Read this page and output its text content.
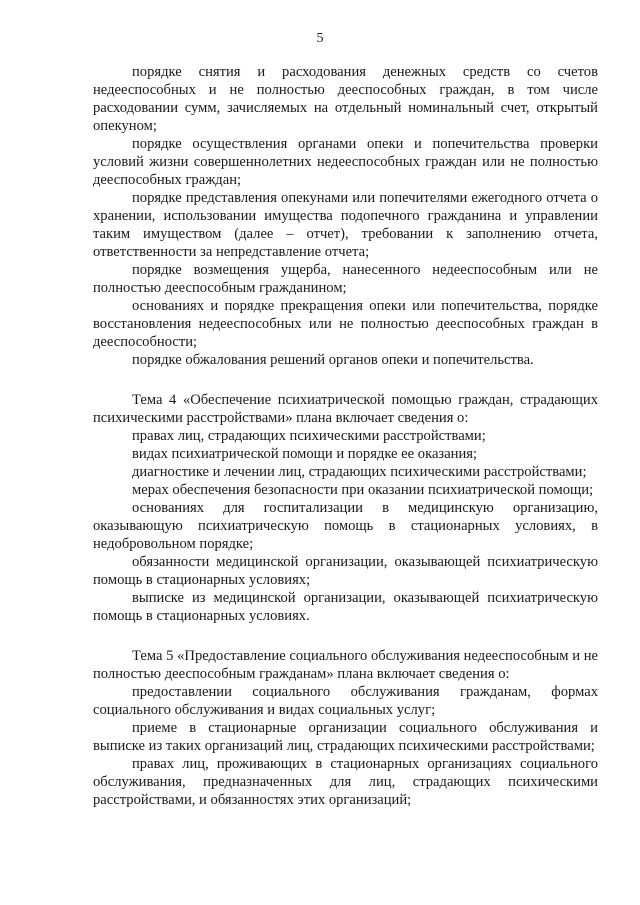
5

порядке снятия и расходования денежных средств со счетов недееспособных и не полностью дееспособных граждан, в том числе расходовании сумм, зачисляемых на отдельный номинальный счет, открытый опекуном;

порядке осуществления органами опеки и попечительства проверки условий жизни совершеннолетних недееспособных граждан или не полностью дееспособных граждан;

порядке представления опекунами или попечителями ежегодного отчета о хранении, использовании имущества подопечного гражданина и управлении таким имуществом (далее – отчет), требовании к заполнению отчета, ответственности за непредставление отчета;

порядке возмещения ущерба, нанесенного недееспособным или не полностью дееспособным гражданином;

основаниях и порядке прекращения опеки или попечительства, порядке восстановления недееспособных или не полностью дееспособных граждан в дееспособности;

порядке обжалования решений органов опеки и попечительства.

Тема 4 «Обеспечение психиатрической помощью граждан, страдающих психическими расстройствами» плана включает сведения о:

правах лиц, страдающих психическими расстройствами;

видах психиатрической помощи и порядке ее оказания;

диагностике и лечении лиц, страдающих психическими расстройствами;

мерах обеспечения безопасности при оказании психиатрической помощи;

основаниях для госпитализации в медицинскую организацию, оказывающую психиатрическую помощь в стационарных условиях, в недобровольном порядке;

обязанности медицинской организации, оказывающей психиатрическую помощь в стационарных условиях;

выписке из медицинской организации, оказывающей психиатрическую помощь в стационарных условиях.

Тема 5 «Предоставление социального обслуживания недееспособным и не полностью дееспособным гражданам» плана включает сведения о:

предоставлении социального обслуживания гражданам, формах социального обслуживания и видах социальных услуг;

приеме в стационарные организации социального обслуживания и выписке из таких организаций лиц, страдающих психическими расстройствами;

правах лиц, проживающих в стационарных организациях социального обслуживания, предназначенных для лиц, страдающих психическими расстройствами, и обязанностях этих организаций;
